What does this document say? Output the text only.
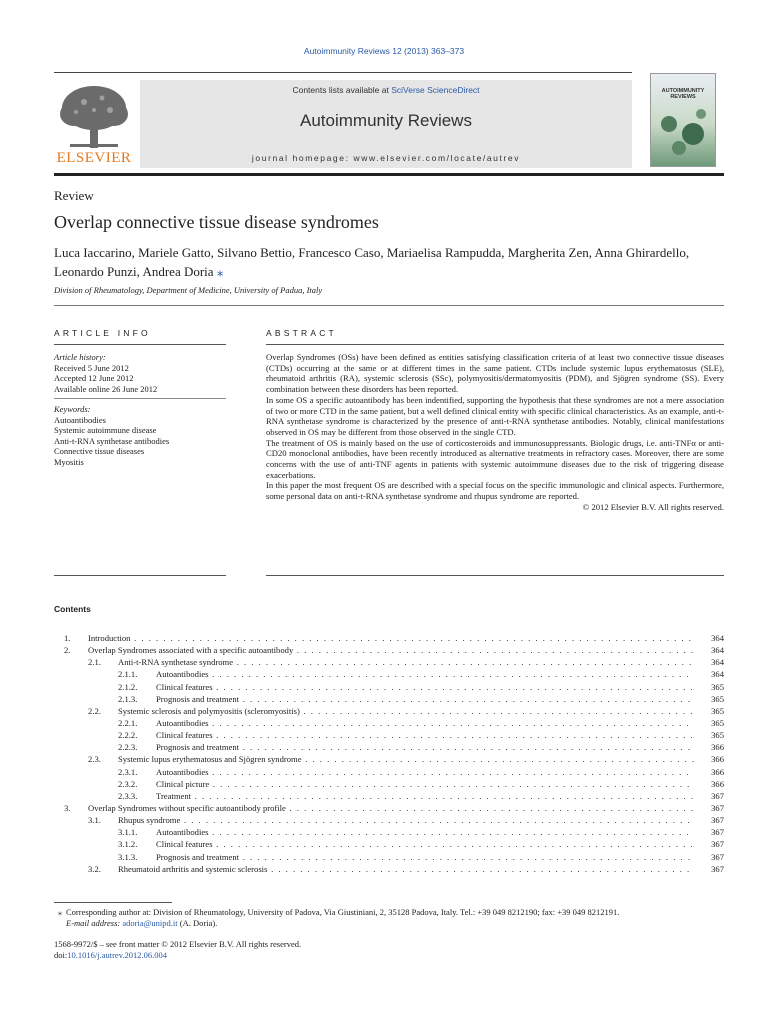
Autoimmunity Reviews 12 (2013) 363–373
ELSEVIER
Contents lists available at SciVerse ScienceDirect
Autoimmunity Reviews
journal homepage: www.elsevier.com/locate/autrev
AUTOIMMUNITY REVIEWS
Review
Overlap connective tissue disease syndromes
Luca Iaccarino, Mariele Gatto, Silvano Bettio, Francesco Caso, Mariaelisa Rampudda, Margherita Zen, Anna Ghirardello, Leonardo Punzi, Andrea Doria ⁎
Division of Rheumatology, Department of Medicine, University of Padua, Italy
ARTICLE INFO	ABSTRACT
Article history:
Received 5 June 2012
Accepted 12 June 2012
Available online 26 June 2012
Keywords:
Autoantibodies
Systemic autoimmune disease
Anti-t-RNA synthetase antibodies
Connective tissue diseases
Myositis

Overlap Syndromes (OSs) have been defined as entities satisfying classification criteria of at least two connective tissue diseases (CTDs) occurring at the same or at different times in the same patient. CTDs include systemic lupus erythematosus (SLE), rheumatoid arthritis (RA), systemic sclerosis (SSc), polymyositis/dermatomyositis (PDM), and Sjögren syndrome (SS). Every combination between these disorders has been reported.

In some OS a specific autoantibody has been indentified, supporting the hypothesis that these syndromes are not a mere association of two or more CTD in the same patient, but a well defined clinical entity with specific clinical characteristics. As an example, anti-t-RNA synthetase syndrome is characterized by the presence of anti-t-RNA synthetase antibodies. Notably, clinical manifestations observed in OS may be different from those observed in the single CTD.

The treatment of OS is mainly based on the use of corticosteroids and immunosuppressants. Biologic drugs, i.e. anti-TNFα or anti-CD20 monoclonal antibodies, have been recently introduced as alternative treatments in refractory cases. Moreover, there are some concerns with the use of anti-TNF agents in patients with systemic autoimmune diseases due to the risk of triggering disease exacerbations.

In this paper the most frequent OS are described with a special focus on the specific immunologic and clinical aspects. Furthermore, some personal data on anti-t-RNA synthetase syndrome and rhupus syndrome are reported.

© 2012 Elsevier B.V. All rights reserved.

Contents
1. Introduction . . .	364
2. Overlap Syndromes associated with a specific autoantibody . . .	364
2.1. Anti-t-RNA synthetase syndrome . . .	364
2.1.1. Autoantibodies . . .	364
2.1.2. Clinical features . . .	365
2.1.3. Prognosis and treatment . . .	365
2.2. Systemic sclerosis and polymyositis (scleromyositis) . . .	365
2.2.1. Autoantibodies . . .	365
2.2.2. Clinical features . . .	365
2.2.3. Prognosis and treatment . . .	366
2.3. Systemic lupus erythematosus and Sjögren syndrome . . .	366
2.3.1. Autoantibodies . . .	366
2.3.2. Clinical picture . . .	366
2.3.3. Treatment . . .	367
3. Overlap Syndromes without specific autoantibody profile . . .	367
3.1. Rhupus syndrome . . .	367
3.1.1. Autoantibodies . . .	367
3.1.2. Clinical features . . .	367
3.1.3. Prognosis and treatment . . .	367
3.2. Rheumatoid arthritis and systemic sclerosis . . .	367
⁎ Corresponding author at: Division of Rheumatology, University of Padova, Via Giustiniani, 2, 35128 Padova, Italy. Tel.: +39 049 8212190; fax: +39 049 8212191.
E-mail address: adoria@unipd.it (A. Doria).
1568-9972/$ – see front matter © 2012 Elsevier B.V. All rights reserved.
doi:10.1016/j.autrev.2012.06.004
